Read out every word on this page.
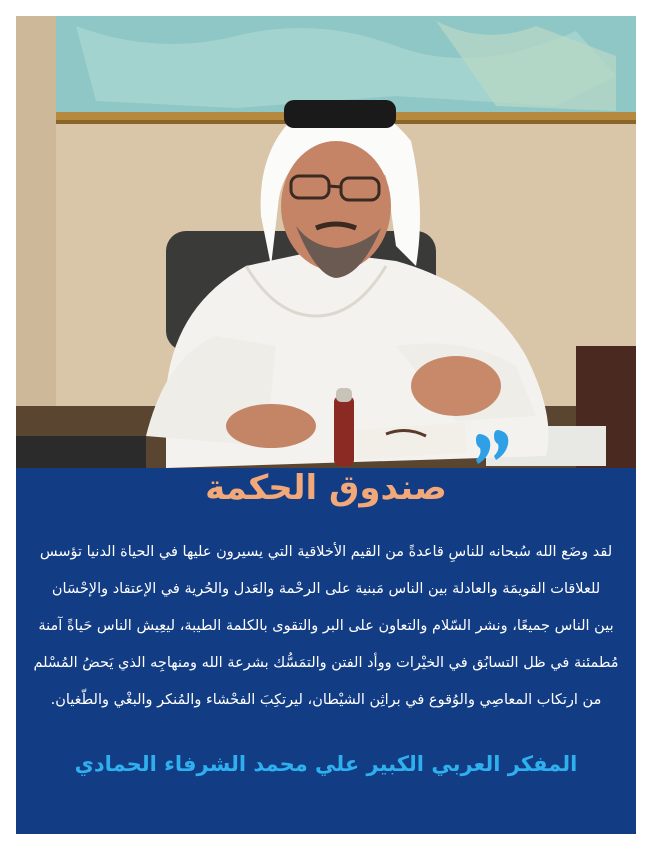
صندوق الحكمة
لقد وضَع الله سُبحانه للناسِ قاعدةً من القيم الأخلاقية التي يسيرون عليها في الحياة الدنيا تؤسس
للعلاقات القويمَة والعادلة بين الناس مَبنية على الرحْمة والعَدل والحُرية في الإعتقاد والإحْسَان
بين الناس جميعًا، ونشر السّلام والتعاون على البر والتقوى بالكلمة الطيبة، ليعِيش الناس حَياةً آمنة
مُطمئنة في ظل التسابُق في الخيْرات ووأد الفتن والتمَسُّك بشرعة الله ومنهاجِه الذي يَحضُ المُسْلم
من ارتكاب المعاصِي والوُقوع في براثِن الشيْطان، ليرتكِبَ الفحْشاء والمُنكر والبغْي والطّغيان.
المفكر العربي الكبير علي محمد الشرفاء الحمادي
